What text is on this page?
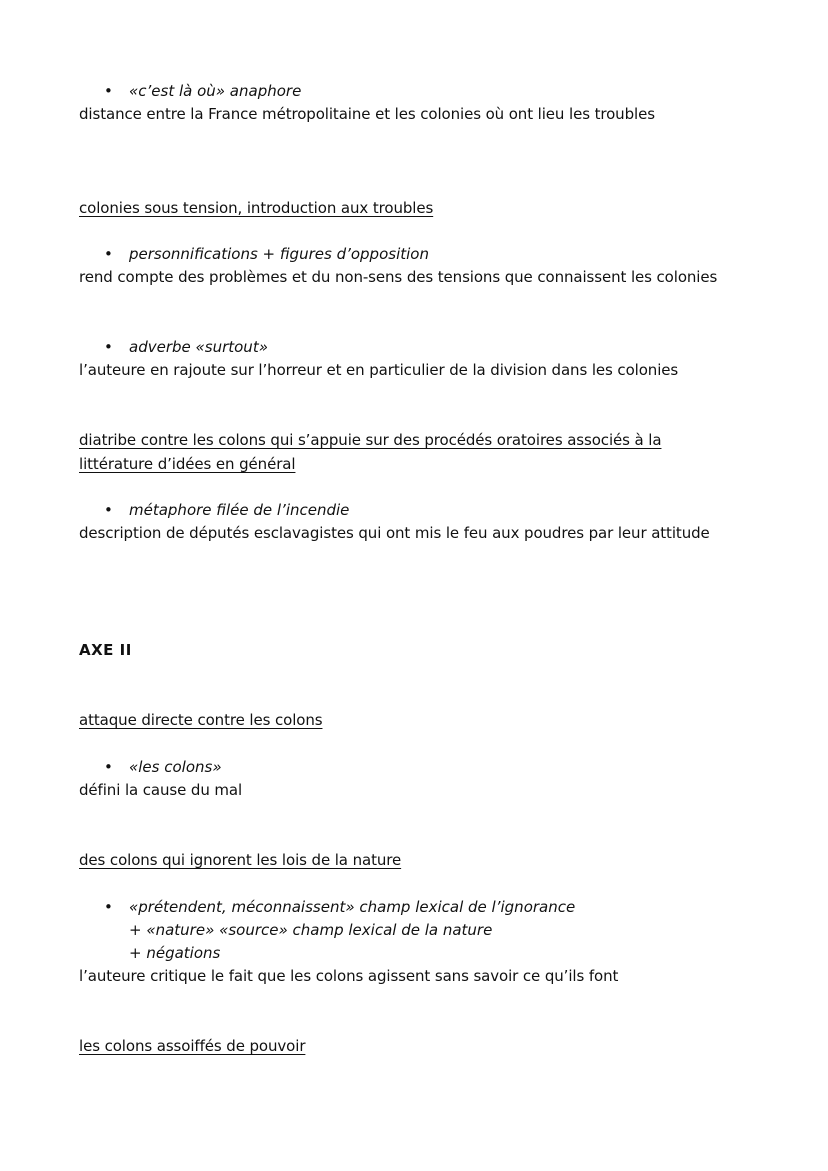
• «c’est là où» anaphore
distance entre la France métropolitaine et les colonies où ont lieu les troubles
colonies sous tension, introduction aux troubles
• personnifications + figures d’opposition
rend compte des problèmes et du non-sens des tensions que connaissent les colonies
• adverbe «surtout»
l’auteure en rajoute sur l’horreur et en particulier de la division dans les colonies
diatribe contre les colons qui s’appuie sur des procédés oratoires associés à la
littérature d’idées en général
• métaphore filée de l’incendie
description de députés esclavagistes qui ont mis le feu aux poudres par leur attitude
AXE II
attaque directe contre les colons
• «les colons»
défini la cause du mal
des colons qui ignorent les lois de la nature
• «prétendent, méconnaissent» champ lexical de l’ignorance
+ «nature» «source» champ lexical de la nature
+ négations
l’auteure critique le fait que les colons agissent sans savoir ce qu’ils font
les colons assoiffés de pouvoir
